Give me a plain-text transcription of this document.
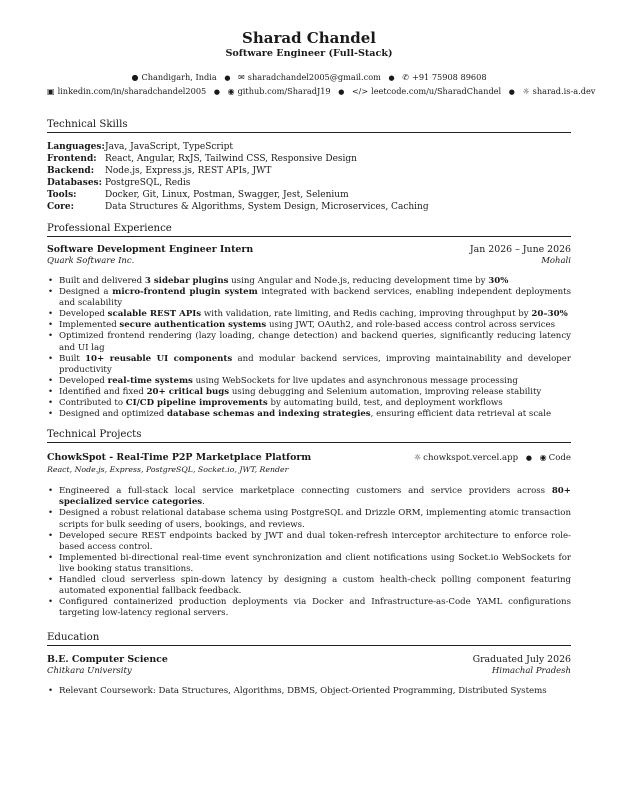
Sharad Chandel
Software Engineer (Full-Stack)
● Chandigarh, India ● ✉ sharadchandel2005@gmail.com ● ✆ +91 75908 89608
▣ linkedin.com/in/sharadchandel2005 ● ◉ github.com/SharadJ19 ● </> leetcode.com/u/SharadChandel ● ☼ sharad.is-a.dev
Technical Skills
Languages: Java, JavaScript, TypeScript
Frontend: React, Angular, RxJS, Tailwind CSS, Responsive Design
Backend:	Node.js, Express.js, REST APIs, JWT
Databases: PostgreSQL, Redis
Tools:	Docker, Git, Linux, Postman, Swagger, Jest, Selenium
Core:	Data Structures & Algorithms, System Design, Microservices, Caching
Professional Experience
Software Development Engineer Intern	Jan 2026 – June 2026
Quark Software Inc.	Mohali
• Built and delivered 3 sidebar plugins using Angular and Node.js, reducing development time by 30%
• Designed a micro-frontend plugin system integrated with backend services, enabling independent deployments and scalability
• Developed scalable REST APIs with validation, rate limiting, and Redis caching, improving throughput by 20–30%
• Implemented secure authentication systems using JWT, OAuth2, and role-based access control across services
• Optimized frontend rendering (lazy loading, change detection) and backend queries, significantly reducing latency and UI lag
• Built 10+ reusable UI components and modular backend services, improving maintainability and developer productivity
• Developed real-time systems using WebSockets for live updates and asynchronous message processing
• Identified and fixed 20+ critical bugs using debugging and Selenium automation, improving release stability
• Contributed to CI/CD pipeline improvements by automating build, test, and deployment workflows
• Designed and optimized database schemas and indexing strategies, ensuring efficient data retrieval at scale
Technical Projects
ChowkSpot - Real-Time P2P Marketplace Platform	☼ chowkspot.vercel.app ● ◉ Code
React, Node.js, Express, PostgreSQL, Socket.io, JWT, Render
• Engineered a full-stack local service marketplace connecting customers and service providers across 80+ specialized service categories.
• Designed a robust relational database schema using PostgreSQL and Drizzle ORM, implementing atomic transaction scripts for bulk seeding of users, bookings, and reviews.
• Developed secure REST endpoints backed by JWT and dual token-refresh interceptor architecture to enforce role-based access control.
• Implemented bi-directional real-time event synchronization and client notifications using Socket.io WebSockets for live booking status transitions.
• Handled cloud serverless spin-down latency by designing a custom health-check polling component featuring automated exponential fallback feedback.
• Configured containerized production deployments via Docker and Infrastructure-as-Code YAML configurations targeting low-latency regional servers.
Education
B.E. Computer Science	Graduated July 2026
Chitkara University	Himachal Pradesh
• Relevant Coursework: Data Structures, Algorithms, DBMS, Object-Oriented Programming, Distributed Systems
